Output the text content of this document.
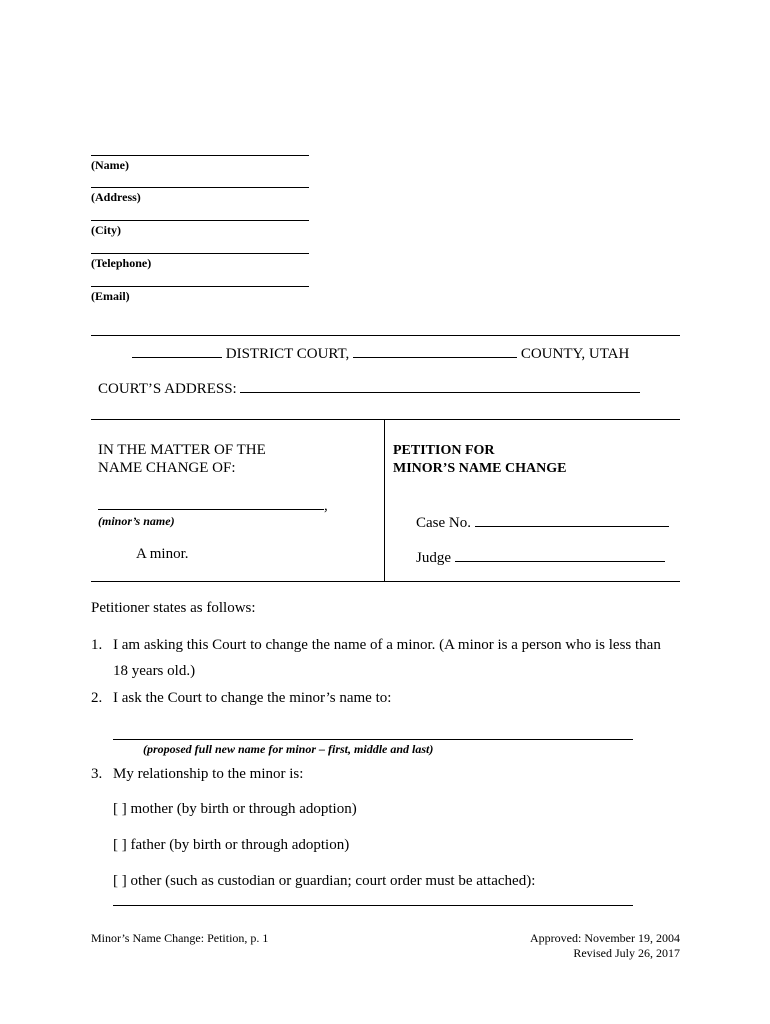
(Name)
(Address)
(City)
(Telephone)
(Email)
DISTRICT COURT,	COUNTY, UTAH
COURT’S ADDRESS:
IN THE MATTER OF THE
NAME CHANGE OF:
,
(minor’s name)
A minor.
PETITION FOR
MINOR’S NAME CHANGE
Case No.
Judge
Petitioner states as follows:
1. I am asking this Court to change the name of a minor. (A minor is a person who is less than
18 years old.)
2. I ask the Court to change the minor’s name to:
(proposed full new name for minor – first, middle and last)
3. My relationship to the minor is:
[ ] mother (by birth or through adoption)
[ ] father (by birth or through adoption)
[ ] other (such as custodian or guardian; court order must be attached):
Minor’s Name Change: Petition, p. 1	Approved: November 19, 2004
Revised July 26, 2017
